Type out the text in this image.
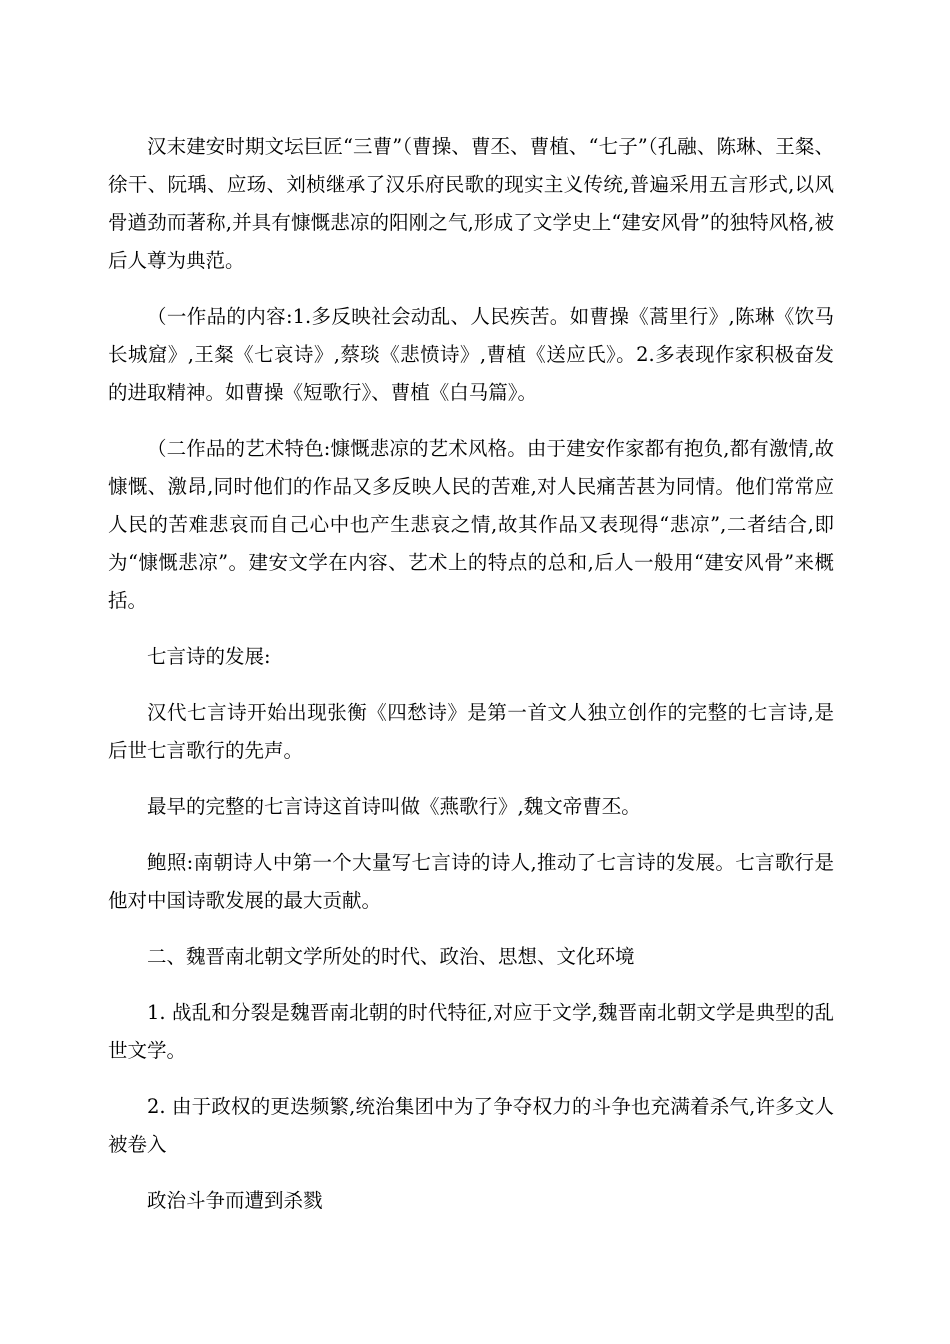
汉末建安时期文坛巨匠“三曹”（曹操、曹丕、曹植、“七子”（孔融、陈琳、王粲、徐干、阮瑀、应玚、刘桢继承了汉乐府民歌的现实主义传统,普遍采用五言形式,以风骨遒劲而著称,并具有慷慨悲凉的阳刚之气,形成了文学史上“建安风骨”的独特风格,被后人尊为典范。

（一作品的内容:1.多反映社会动乱、人民疾苦。如曹操《蒿里行》,陈琳《饮马长城窟》,王粲《七哀诗》,蔡琰《悲愤诗》,曹植《送应氏》。2.多表现作家积极奋发的进取精神。如曹操《短歌行》、曹植《白马篇》。

（二作品的艺术特色:慷慨悲凉的艺术风格。由于建安作家都有抱负,都有激情,故慷慨、激昂,同时他们的作品又多反映人民的苦难,对人民痛苦甚为同情。他们常常应人民的苦难悲哀而自己心中也产生悲哀之情,故其作品又表现得“悲凉”,二者结合,即为“慷慨悲凉”。建安文学在内容、艺术上的特点的总和,后人一般用“建安风骨”来概括。

七言诗的发展:

汉代七言诗开始出现张衡《四愁诗》是第一首文人独立创作的完整的七言诗,是后世七言歌行的先声。

最早的完整的七言诗这首诗叫做《燕歌行》,魏文帝曹丕。

鲍照:南朝诗人中第一个大量写七言诗的诗人,推动了七言诗的发展。七言歌行是他对中国诗歌发展的最大贡献。

二、魏晋南北朝文学所处的时代、政治、思想、文化环境

1. 战乱和分裂是魏晋南北朝的时代特征,对应于文学,魏晋南北朝文学是典型的乱世文学。

2. 由于政权的更迭频繁,统治集团中为了争夺权力的斗争也充满着杀气,许多文人被卷入

政治斗争而遭到杀戮
